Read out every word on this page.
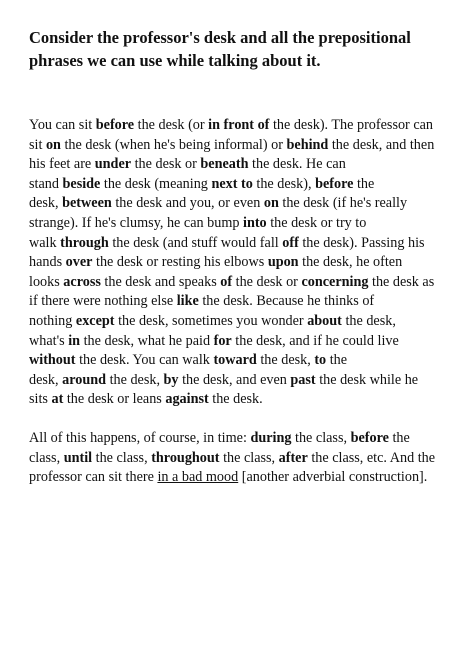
Consider the professor's desk and all the prepositional phrases we can use while talking about it.

You can sit before the desk (or in front of the desk). The professor can
sit on the desk (when he's being informal) or behind the desk, and then
his feet are under the desk or beneath the desk. He can
stand beside the desk (meaning next to the desk), before the
desk, between the desk and you, or even on the desk (if he's really
strange). If he's clumsy, he can bump into the desk or try to
walk through the desk (and stuff would fall off the desk). Passing his
hands over the desk or resting his elbows upon the desk, he often
looks across the desk and speaks of the desk or concerning the desk as
if there were nothing else like the desk. Because he thinks of
nothing except the desk, sometimes you wonder about the desk,
what's in the desk, what he paid for the desk, and if he could live
without the desk. You can walk toward the desk, to the
desk, around the desk, by the desk, and even past the desk while he
sits at the desk or leans against the desk.

All of this happens, of course, in time: during the class, before the
class, until the class, throughout the class, after the class, etc. And the
professor can sit there in a bad mood [another adverbial construction].
